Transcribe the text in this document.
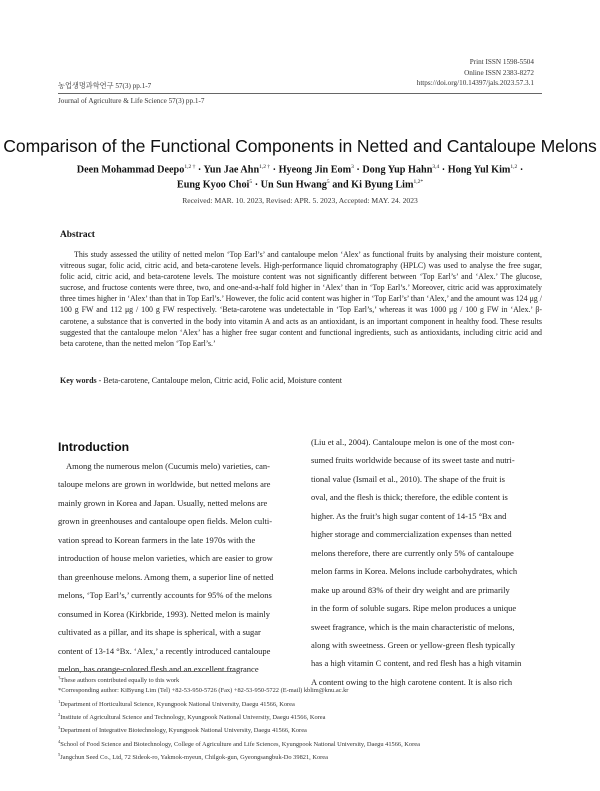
Print ISSN 1598-5504
Online ISSN 2383-8272
https://doi.org/10.14397/jals.2023.57.3.1
농업생명과학연구 57(3) pp.1-7
Journal of Agriculture & Life Science 57(3) pp.1-7
Comparison of the Functional Components in Netted and Cantaloupe Melons
Deen Mohammad Deepo$^{1,2 \dagger}$ · Yun Jae Ahn$^{1,2 \dagger}$ · Hyeong Jin Eom$^3$ · Dong Yup Hahn$^{3,4}$ · Hong Yul Kim$^{1,2}$ ·
Eung Kyoo Choi$^5$ · Un Sun Hwang$^5$ and Ki Byung Lim$^{1,2*}$
Received: MAR. 10. 2023, Revised: APR. 5. 2023, Accepted: MAY. 24. 2023
Abstract
This study assessed the utility of netted melon ‘Top Earl’s’ and cantaloupe melon ‘Alex’ as functional fruits by analysing their moisture content, vitreous sugar, folic acid, citric acid, and beta-carotene levels. High-performance liquid chromatography (HPLC) was used to analyse the free sugar, folic acid, citric acid, and beta-carotene levels. The moisture content was not significantly different between ‘Top Earl’s’ and ‘Alex.’ The glucose, sucrose, and fructose contents were three, two, and one-and-a-half fold higher in ‘Alex’ than in ‘Top Earl’s.’ Moreover, citric acid was approximately three times higher in ‘Alex’ than that in Top Earl’s.’ However, the folic acid content was higher in ‘Top Earl’s’ than ‘Alex,’ and the amount was 124 μg / 100 g FW and 112 μg / 100 g FW respectively. ‘Beta-carotene was undetectable in ‘Top Earl’s,’ whereas it was 1000 μg / 100 g FW in ‘Alex.’ β-carotene, a substance that is converted in the body into vitamin A and acts as an antioxidant, is an important component in healthy food. These results suggested that the cantaloupe melon ‘Alex’ has a higher free sugar content and functional ingredients, such as antioxidants, including citric acid and beta carotene, than the netted melon ‘Top Earl’s.’
Key words - Beta-carotene, Cantaloupe melon, Citric acid, Folic acid, Moisture content
Introduction
Among the numerous melon (Cucumis melo) varieties, can-
taloupe melons are grown in worldwide, but netted melons are
mainly grown in Korea and Japan. Usually, netted melons are
grown in greenhouses and cantaloupe open fields. Melon culti-
vation spread to Korean farmers in the late 1970s with the
introduction of house melon varieties, which are easier to grow
than greenhouse melons. Among them, a superior line of netted
melons, ‘Top Earl’s,’ currently accounts for 95% of the melons
consumed in Korea (Kirkbride, 1993). Netted melon is mainly
cultivated as a pillar, and its shape is spherical, with a sugar
content of 13-14 °Bx. ‘Alex,’ a recently introduced cantaloupe
melon, has orange-colored flesh and an excellent fragrance
(Liu et al., 2004). Cantaloupe melon is one of the most con-
sumed fruits worldwide because of its sweet taste and nutri-
tional value (Ismail et al., 2010). The shape of the fruit is
oval, and the flesh is thick; therefore, the edible content is
higher. As the fruit’s high sugar content of 14-15 °Bx and
higher storage and commercialization expenses than netted
melons therefore, there are currently only 5% of cantaloupe
melon farms in Korea. Melons include carbohydrates, which
make up around 83% of their dry weight and are primarily
in the form of soluble sugars. Ripe melon produces a unique
sweet fragrance, which is the main characteristic of melons,
along with sweetness. Green or yellow-green flesh typically
has a high vitamin C content, and red flesh has a high vitamin
A content owing to the high carotene content. It is also rich
†These authors contributed equally to this work
*Corresponding author: KiByung Lim (Tel) +82-53-950-5726 (Fax) +82-53-950-5722 (E-mail) kblim@knu.ac.kr
$^1$Department of Horticultural Science, Kyungpook National University, Daegu 41566, Korea
$^2$Institute of Agricultural Science and Technology, Kyungpook National University, Daegu 41566, Korea
$^3$Department of Integrative Biotechnology, Kyungpook National University, Daegu 41566, Korea
$^4$School of Food Science and Biotechnology, College of Agriculture and Life Sciences, Kyungpook National University, Daegu 41566, Korea
$^5$Jangchun Seed Co., Ltd, 72 Sideok-ro, Yakmok-myeun, Chilgok-gun, Gyeongsangbuk-Do 39821, Korea
